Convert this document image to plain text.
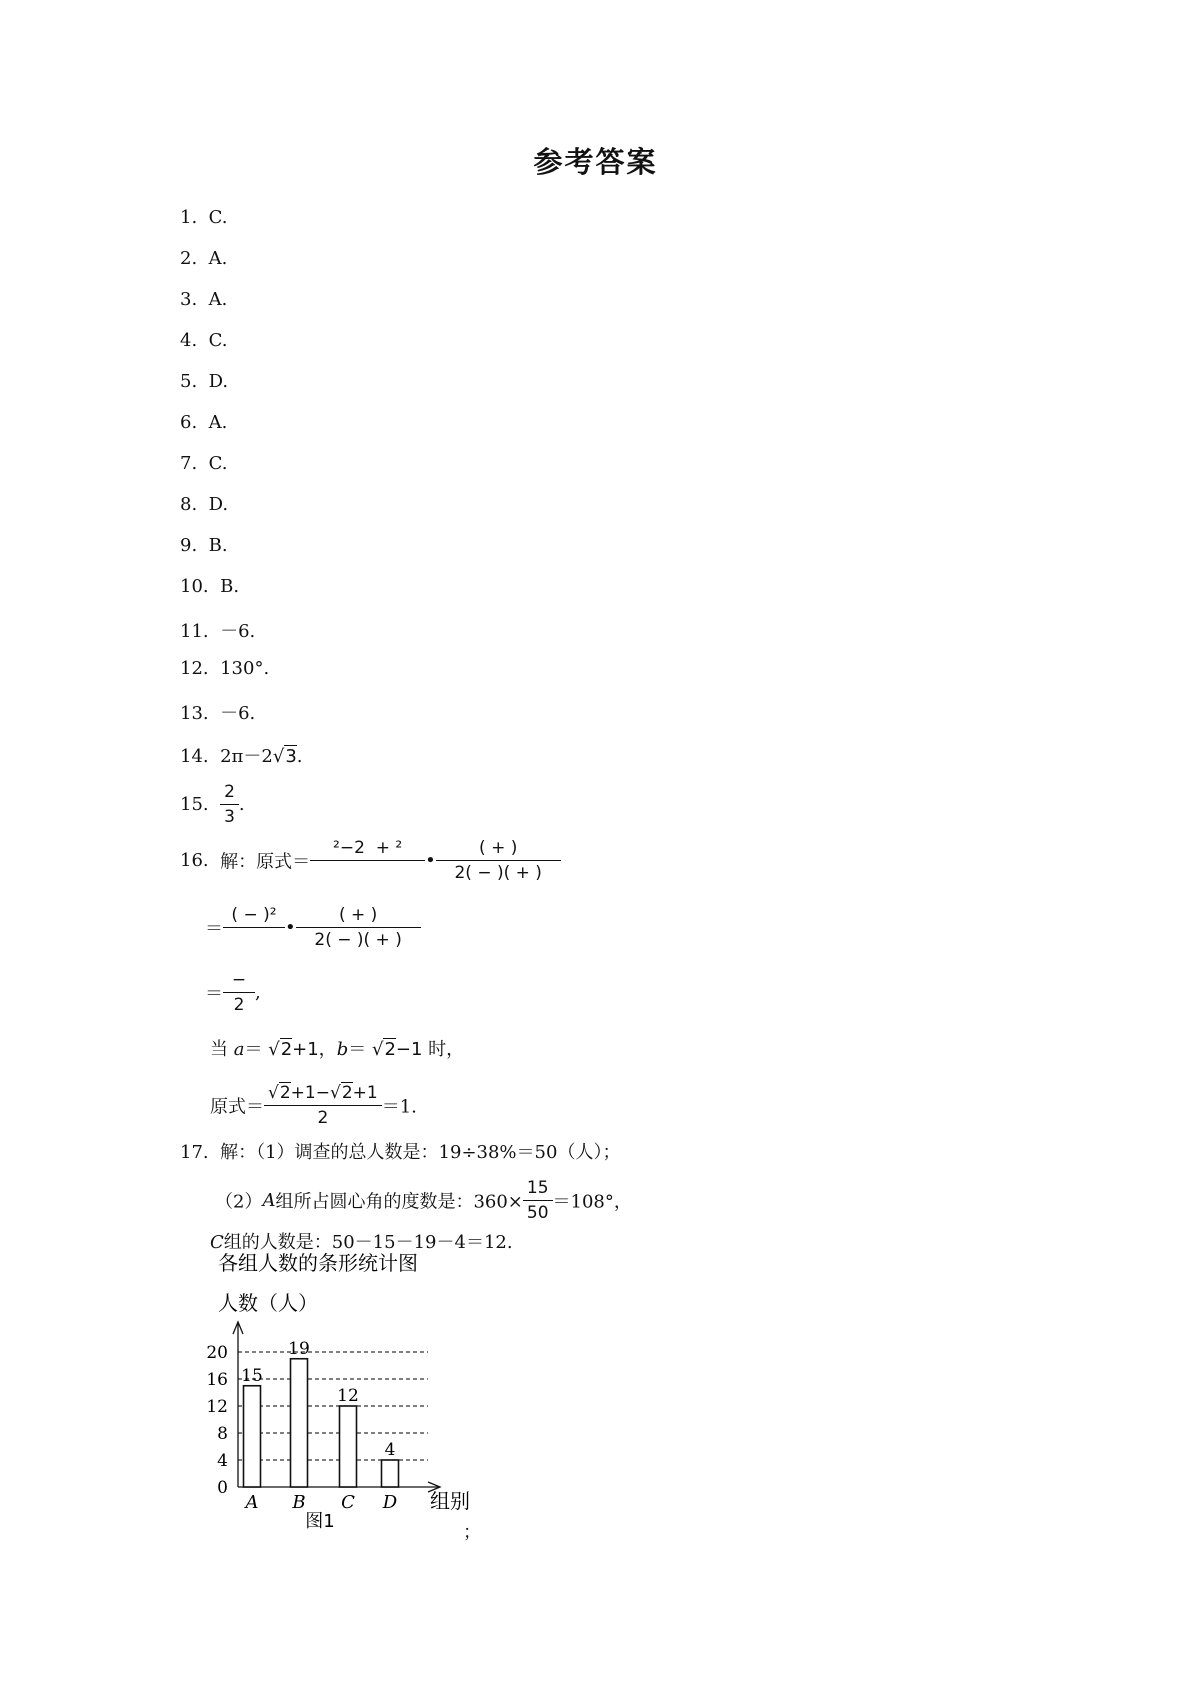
参考答案
1. C.
2. A.
3. A.
4. C.
5. D.
6. A.
7. C.
8. D.
9. B.
10. B.
11. －6.
12. 130°.
13. －6.
14. 2π－2√3.
15. $\frac{2}{3}$ .
16. 解：原式＝
²−2  + ²

• $\frac{( + )}{2( - )( + )}$
＝
( − )²

• $\frac{( + )}{2( - )( + )}$
＝ $\frac{-}{2}$ ,
当 a＝ √2+1，b＝ √2−1 时，
原式＝ $\frac{√2+1-√2+1}{2} =1$.
17. 解：（1）调查的总人数是：19÷38%＝50（人）；
（2）A组所占圆心角的度数是：$360\times \frac{15}{50} =108^\circ$，
C组的人数是：50－15－19－4＝12.
各组人数的条形统计图
人数（人）
0
4
8
12
16
20
15
A
19
B
12
C
4
D 组别
图1
；
